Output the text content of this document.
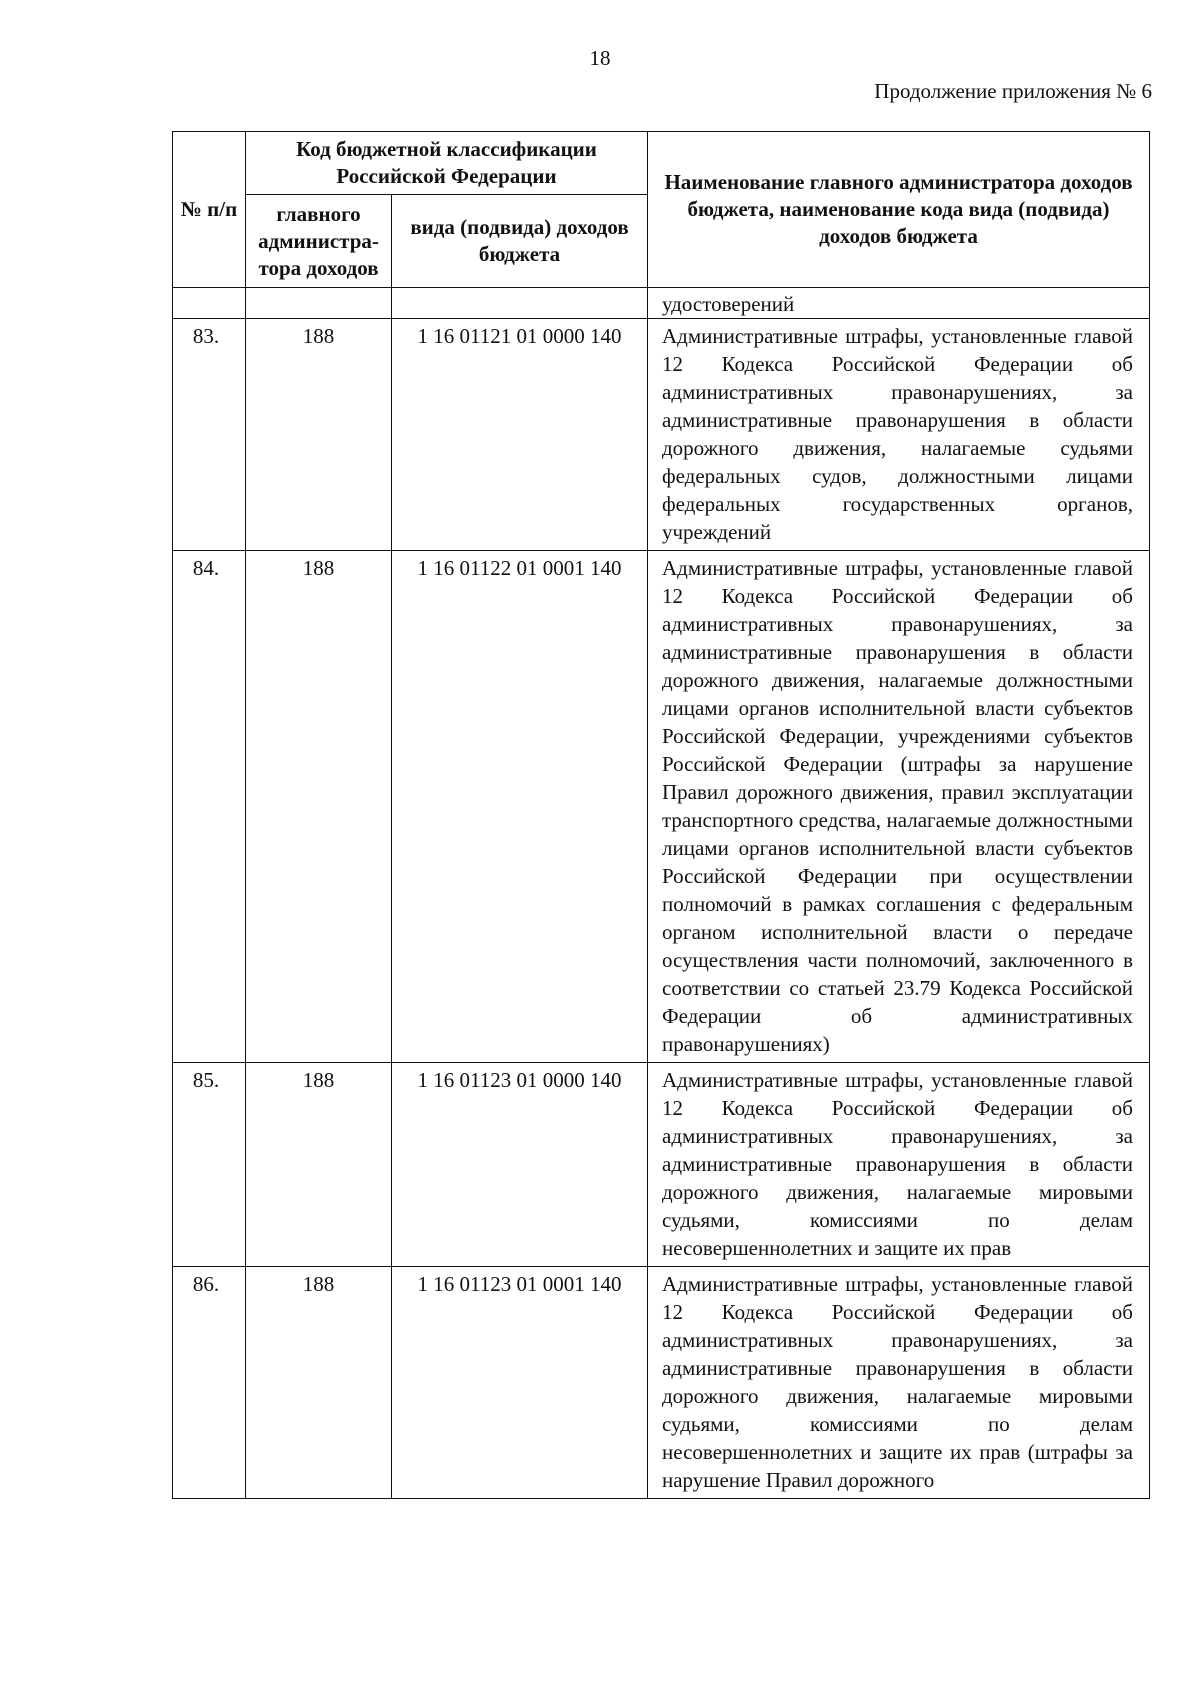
18
Продолжение приложения № 6
№ п/п	Код бюджетной классификации Российской Федерации		Наименование главного администратора доходов бюджета, наименование кода вида (подвида) доходов бюджета
	главного администра-тора доходов	вида (подвида) доходов бюджета	
			удостоверений
83.	188	1 16 01121 01 0000 140	Административные штрафы, установленные главой 12 Кодекса Российской Федерации об административных правонарушениях, за административные правонарушения в области дорожного движения, налагаемые судьями федеральных судов, должностными лицами федеральных государственных органов, учреждений
84.	188	1 16 01122 01 0001 140	Административные штрафы, установленные главой 12 Кодекса Российской Федерации об административных правонарушениях, за административные правонарушения в области дорожного движения, налагаемые должностными лицами органов исполнительной власти субъектов Российской Федерации, учреждениями субъектов Российской Федерации (штрафы за нарушение Правил дорожного движения, правил эксплуатации транспортного средства, налагаемые должностными лицами органов исполнительной власти субъектов Российской Федерации при осуществлении полномочий в рамках соглашения с федеральным органом исполнительной власти о передаче осуществления части полномочий, заключенного в соответствии со статьей 23.79 Кодекса Российской Федерации об административных правонарушениях)
85.	188	1 16 01123 01 0000 140	Административные штрафы, установленные главой 12 Кодекса Российской Федерации об административных правонарушениях, за административные правонарушения в области дорожного движения, налагаемые мировыми судьями, комиссиями по делам несовершеннолетних и защите их прав
86.	188	1 16 01123 01 0001 140	Административные штрафы, установленные главой 12 Кодекса Российской Федерации об административных правонарушениях, за административные правонарушения в области дорожного движения, налагаемые мировыми судьями, комиссиями по делам несовершеннолетних и защите их прав (штрафы за нарушение Правил дорожного
